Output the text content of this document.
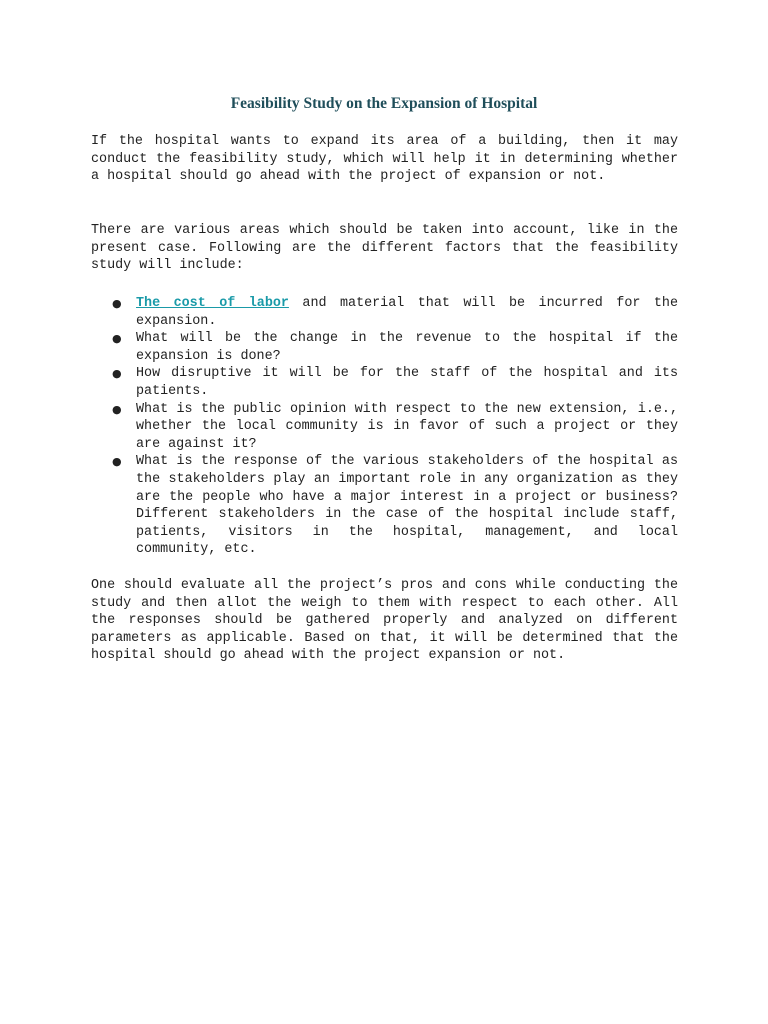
Feasibility Study on the Expansion of Hospital

If the hospital wants to expand its area of a building, then it may conduct the feasibility study, which will help it in determining whether a hospital should go ahead with the project of expansion or not.

There are various areas which should be taken into account, like in the present case. Following are the different factors that the feasibility study will include:

● The cost of labor and material that will be incurred for the expansion.
● What will be the change in the revenue to the hospital if the expansion is done?
● How disruptive it will be for the staff of the hospital and its patients.
● What is the public opinion with respect to the new extension, i.e., whether the local community is in favor of such a project or they are against it?
● What is the response of the various stakeholders of the hospital as the stakeholders play an important role in any organization as they are the people who have a major interest in a project or business? Different stakeholders in the case of the hospital include staff, patients, visitors in the hospital, management, and local community, etc.

One should evaluate all the project’s pros and cons while conducting the study and then allot the weigh to them with respect to each other. All the responses should be gathered properly and analyzed on different parameters as applicable. Based on that, it will be determined that the hospital should go ahead with the project expansion or not.
